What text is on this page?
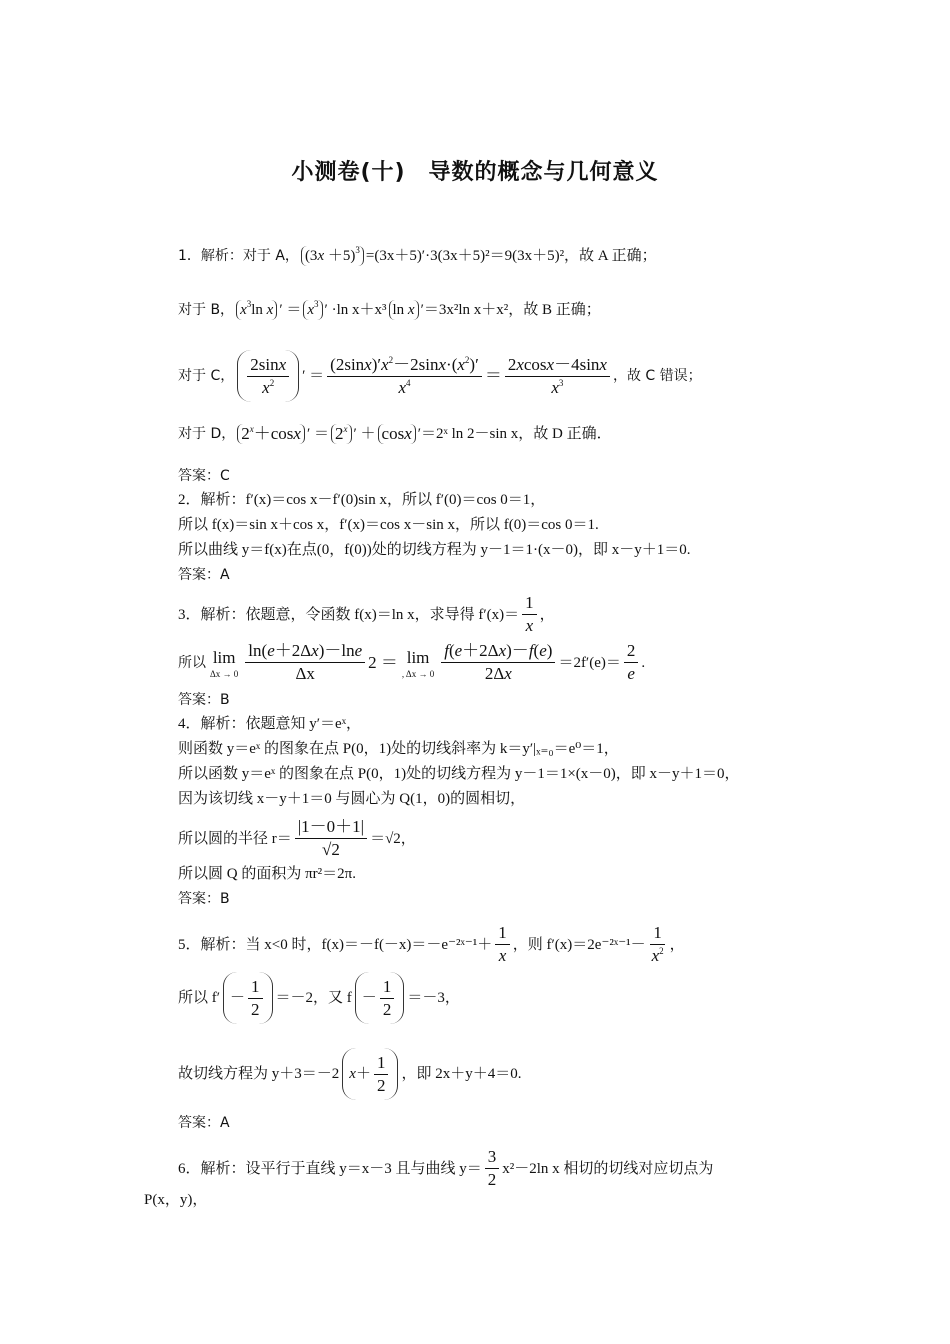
小测卷(十)　导数的概念与几何意义
1．解析：对于 A， $(3x +5)^3 =(3x+5)'\cdot 3(3x+5)^2=9(3x+5)^2$，故 A 正确；
对于 B， $x^3\ln$ x ′ ＝ $x^3$ ′ ·ln x＋x³ ln x ′＝3x²ln x＋x²，故 B 正确；
对于 C， $\frac{2\sin x}{x^2}$ ′ ＝ $\frac{(2\sin x)'x^2-2\sin x\cdot(x^2)'}{x^4} = \frac{2xcosx-4\sin x}{x^3}$ ，故 C 错误；
对于 D， $2^x+\cos x$ ′ ＝ $2^x$ ′ ＋ cosx ′＝2ˣ ln 2－sin x，故 D 正确．
答案：C
2．解析：f′(x)＝cos x－f′(0)sin x，所以 f′(0)＝cos 0＝1，
所以 f(x)＝sin x＋cos x，f′(x)＝cos x－sin x，所以 f(0)＝cos 0＝1.
所以曲线 y＝f(x)在点(0，f(0))处的切线方程为 y－1＝1·(x－0)，即 x－y＋1＝0.
答案：A
3．解析：依题意，令函数 f(x)＝ln x，求导得 $f'(x)= \frac{1}{x}$ ，
所以 lim
$\Delta x \to 0 \frac{\ln(e+2\Delta x)-\ln e}{\Delta x} 2 = \lim$
, $\Delta x \to 0 \frac{f(e+2\Delta x)-f(e)}{2\Delta x} =2f'(e)= \frac{2}{e}$ .
答案：B
4．解析：依题意知 y′＝eˣ，
则函数 y＝eˣ 的图象在点 P(0，1)处的切线斜率为 k＝y′|ₓ₌₀＝e⁰＝1，
所以函数 y＝eˣ 的图象在点 P(0，1)处的切线方程为 y－1＝1×(x－0)，即 x－y＋1＝0，
因为该切线 x－y＋1＝0 与圆心为 Q(1，0)的圆相切，
所以圆的半径 $r= \frac{|1-0+1|}{√2} =√2$，
所以圆 Q 的面积为 πr²＝2π.
答案：B
5．解析：当 x<0 时，f(x)＝－f(－x)＝－e⁻²ˣ⁻¹＋ $\frac{1}{x}$ ，则 f′(x)＝2e⁻²ˣ⁻¹－ $\frac{1}{x^2}$ ，
所以 $f' - \frac{1}{2} =-2$，又 $f - \frac{1}{2} =-3$，
故切线方程为 y＋3＝－2 $x + \frac{1}{2}$ ，即 2x＋y＋4＝0.
答案：A
6．解析：设平行于直线 y＝x－3 且与曲线 $y= \frac{3}{2} x^2-2\ln$ x 相切的切线对应切点为
P(x，y)，
